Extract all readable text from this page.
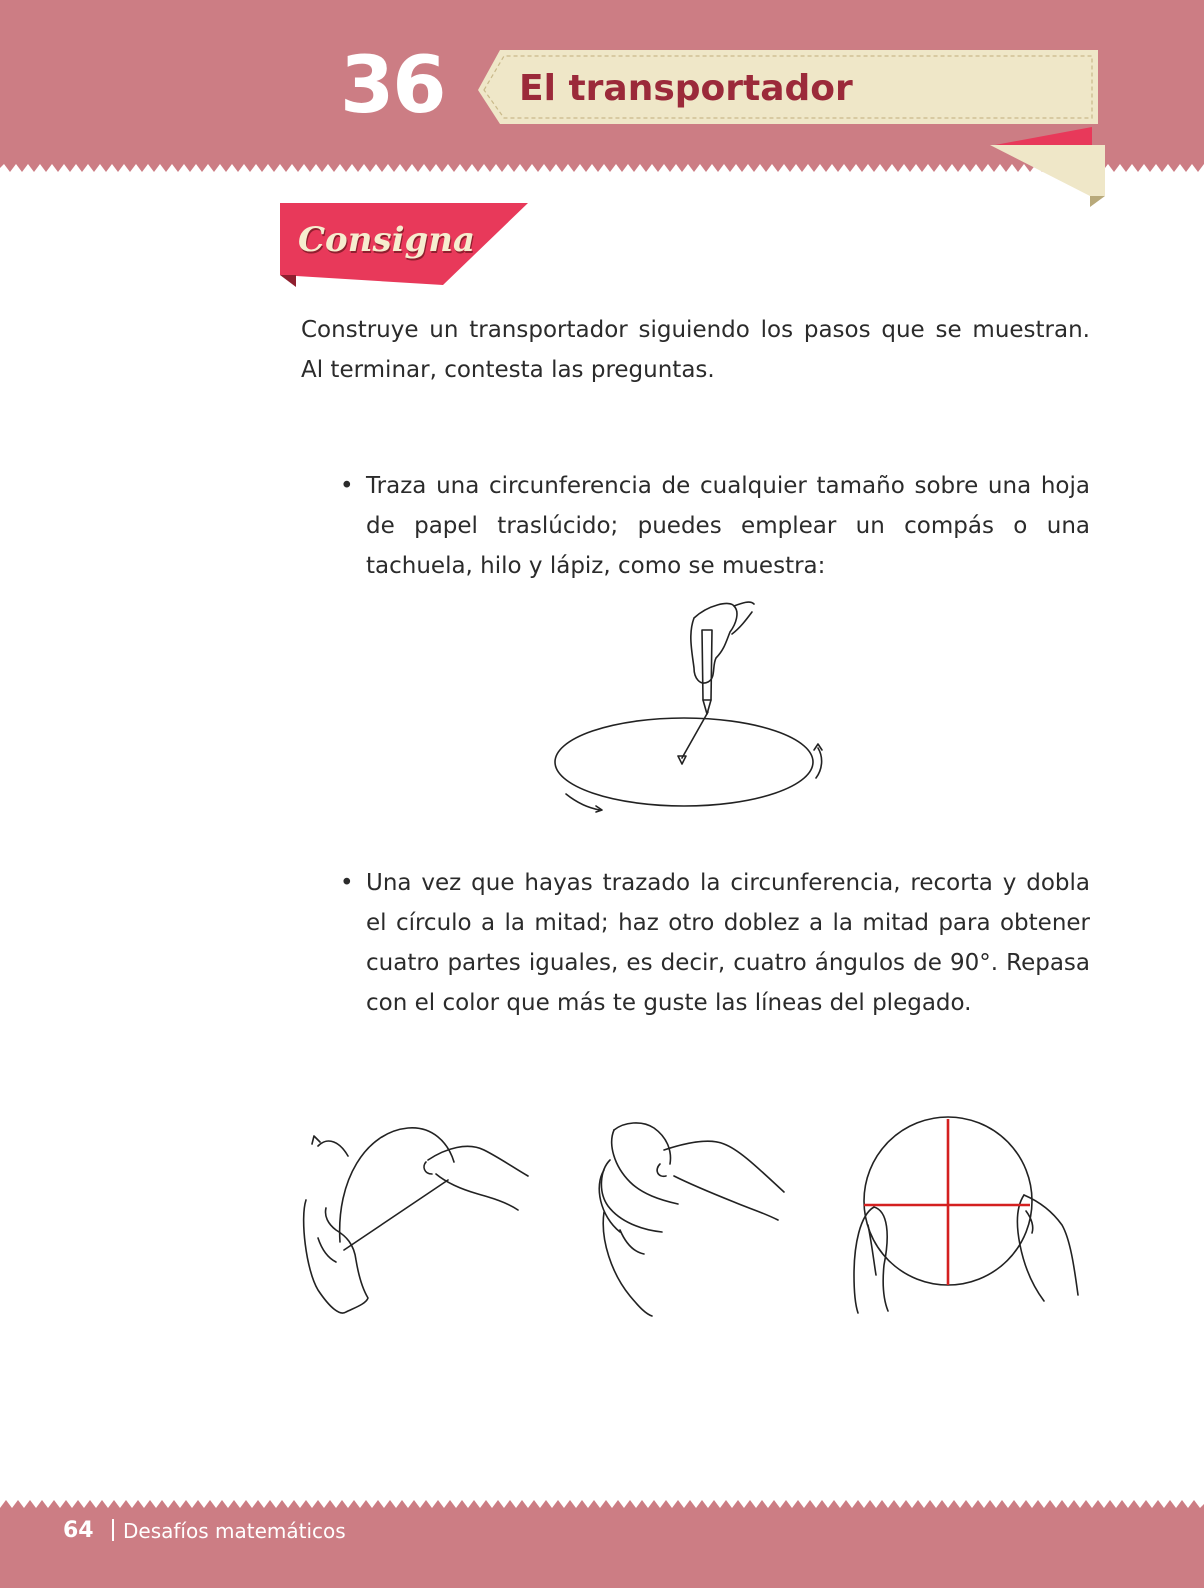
36	El transportador
Consigna

Construye un transportador siguiendo los pasos que se muestran. Al terminar, contesta las preguntas.

• Traza una circunferencia de cualquier tamaño sobre una hoja de papel traslúcido; puedes emplear un compás o una tachuela, hilo y lápiz, como se muestra:

• Una vez que hayas trazado la circunferencia, recorta y dobla el círculo a la mitad; haz otro doblez a la mitad para obtener cuatro partes iguales, es decir, cuatro ángulos de 90°. Repasa con el color que más te guste las líneas del plegado.

64 Desafíos matemáticos
